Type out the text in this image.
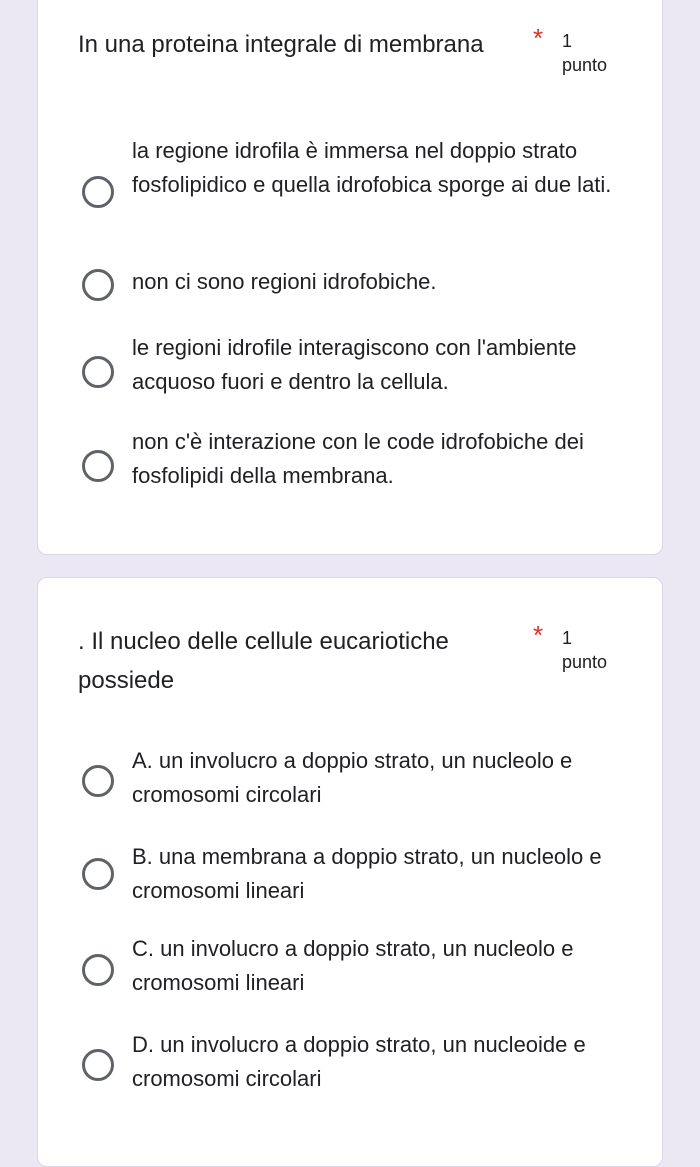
In una proteina integrale di membrana	* 1 punto
la regione idrofila è immersa nel doppio strato fosfolipidico e quella idrofobica sporge ai due lati.
non ci sono regioni idrofobiche.
le regioni idrofile interagiscono con l'ambiente acquoso fuori e dentro la cellula.
non c'è interazione con le code idrofobiche dei fosfolipidi della membrana.
. Il nucleo delle cellule eucariotiche possiede
* 1 punto
A. un involucro a doppio strato, un nucleolo e cromosomi circolari
B. una membrana a doppio strato, un nucleolo e cromosomi lineari
C. un involucro a doppio strato, un nucleolo e cromosomi lineari
D. un involucro a doppio strato, un nucleoide e cromosomi circolari
